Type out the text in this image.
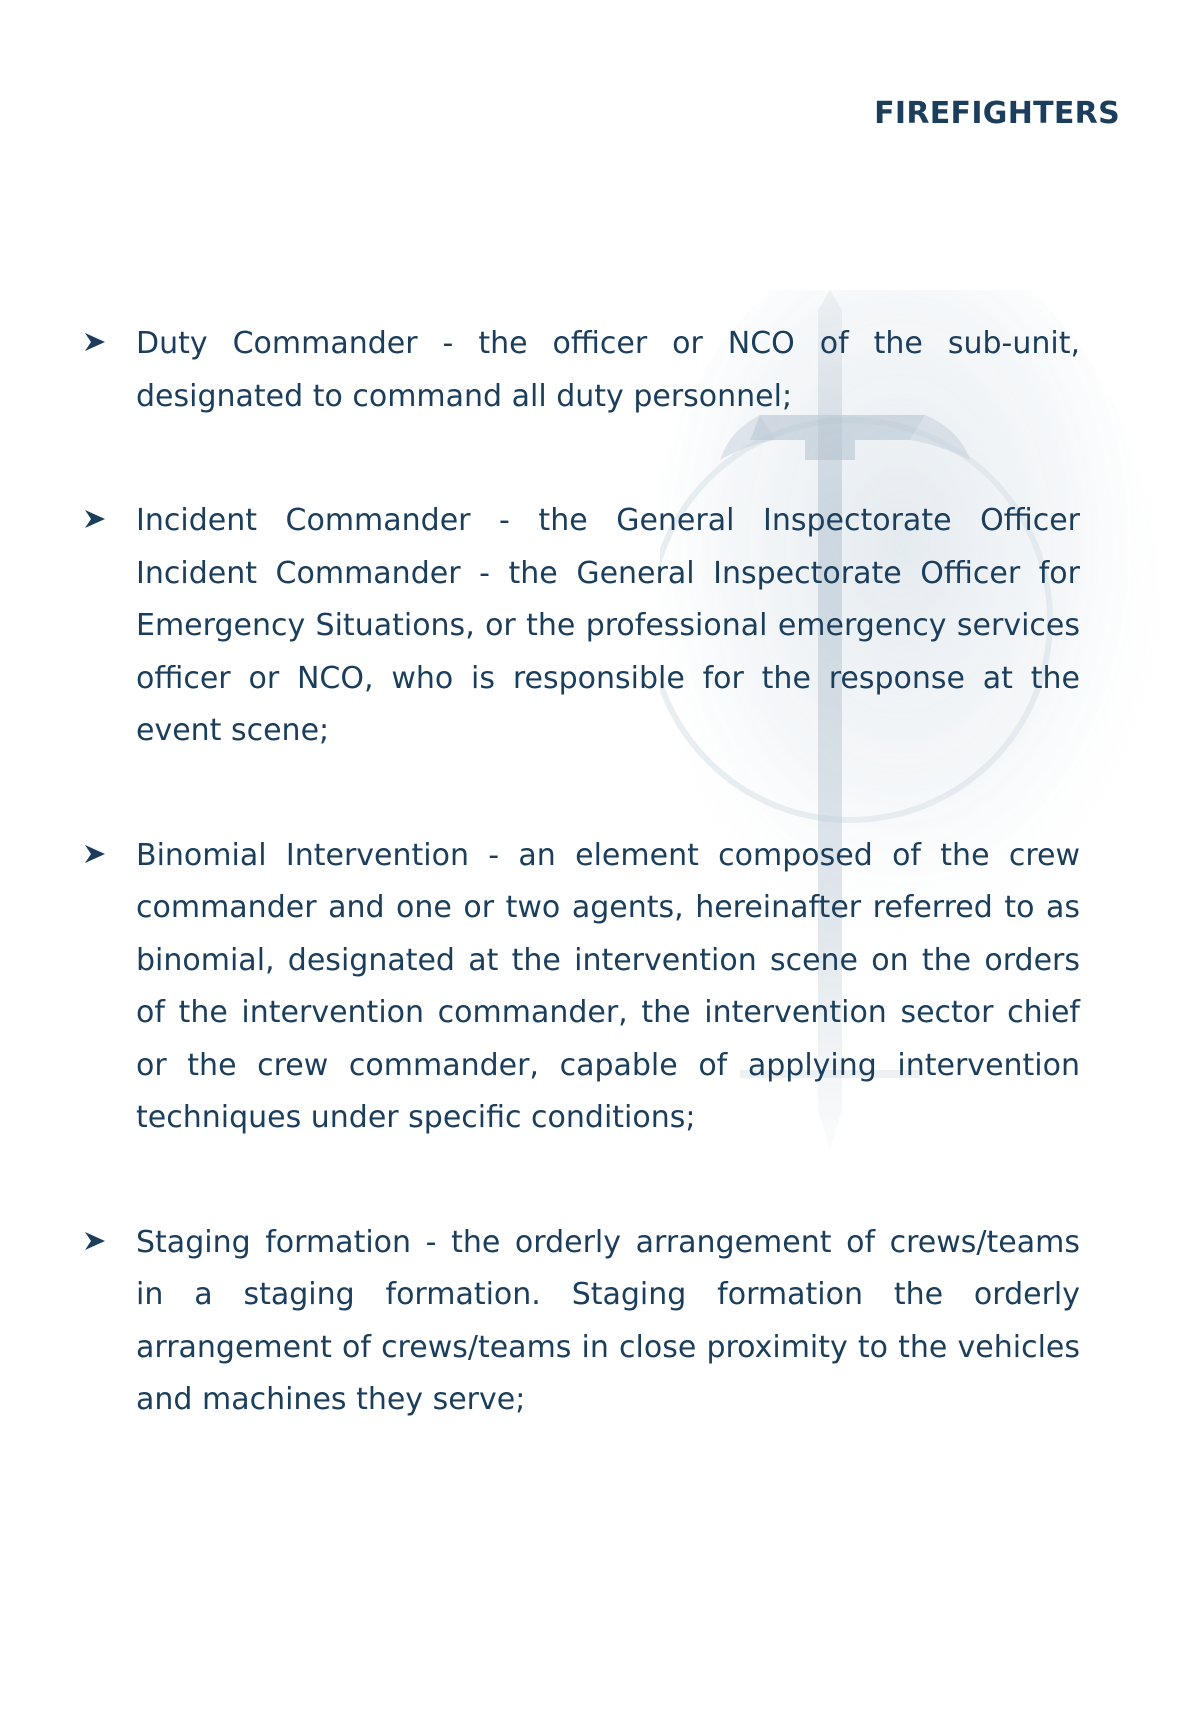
FIREFIGHTERS

Duty Commander - the officer or NCO of the sub-unit, designated to command all duty personnel;

Incident Commander - the General Inspectorate Officer Incident Commander - the General Inspectorate Officer for Emergency Situations, or the professional emergency services officer or NCO, who is responsible for the response at the event scene;

Binomial Intervention - an element composed of the crew commander and one or two agents, hereinafter referred to as binomial, designated at the intervention scene on the orders of the intervention commander, the intervention sector chief or the crew commander, capable of applying intervention techniques under specific conditions;

Staging formation - the orderly arrangement of crews/teams in a staging formation. Staging formation the orderly arrangement of crews/teams in close proximity to the vehicles and machines they serve;
